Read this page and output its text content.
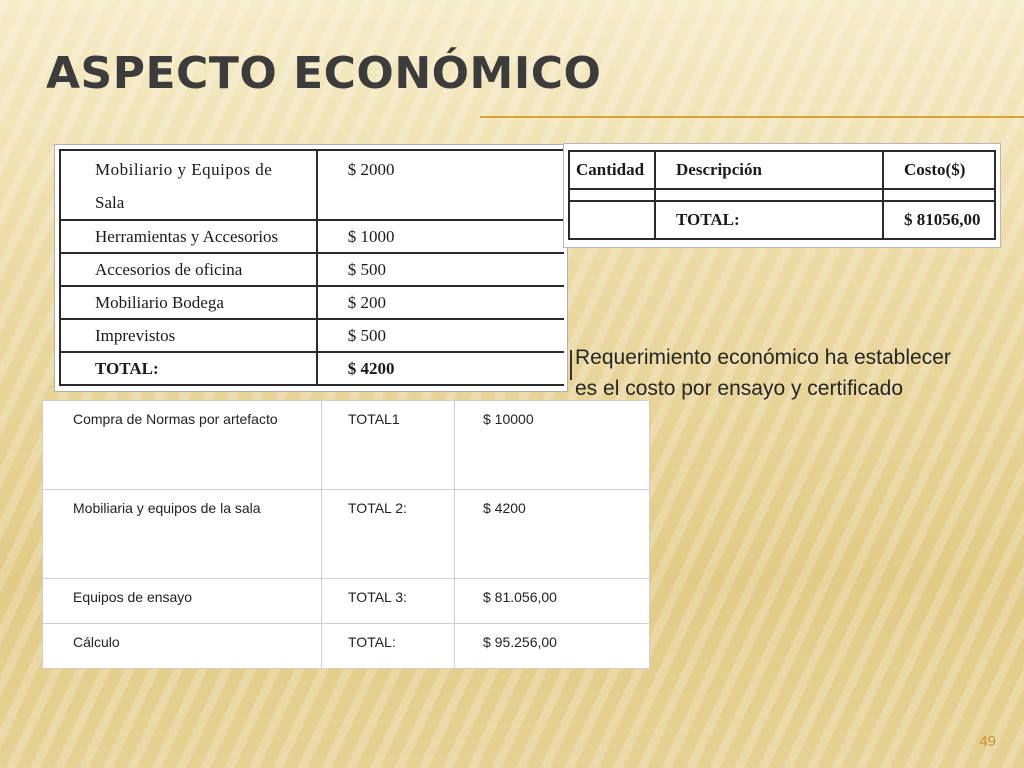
ASPECTO ECONÓMICO
Mobiliario y Equipos de
Sala	$ 2000
Herramientas y Accesorios	$ 1000
Accesorios de oficina	$ 500
Mobiliario Bodega	$ 200
Imprevistos	$ 500
TOTAL:	$ 4200
Cantidad	Descripción	Costo($)

	TOTAL:	$ 81056,00

Requerimiento económico ha establecer es el costo por ensayo y certificado

Compra de Normas por artefacto	TOTAL1	$ 10000
Mobiliaria y equipos de la sala	TOTAL 2:	$ 4200
Equipos de ensayo	TOTAL 3:	$ 81.056,00
Cálculo	TOTAL:	$ 95.256,00
49
